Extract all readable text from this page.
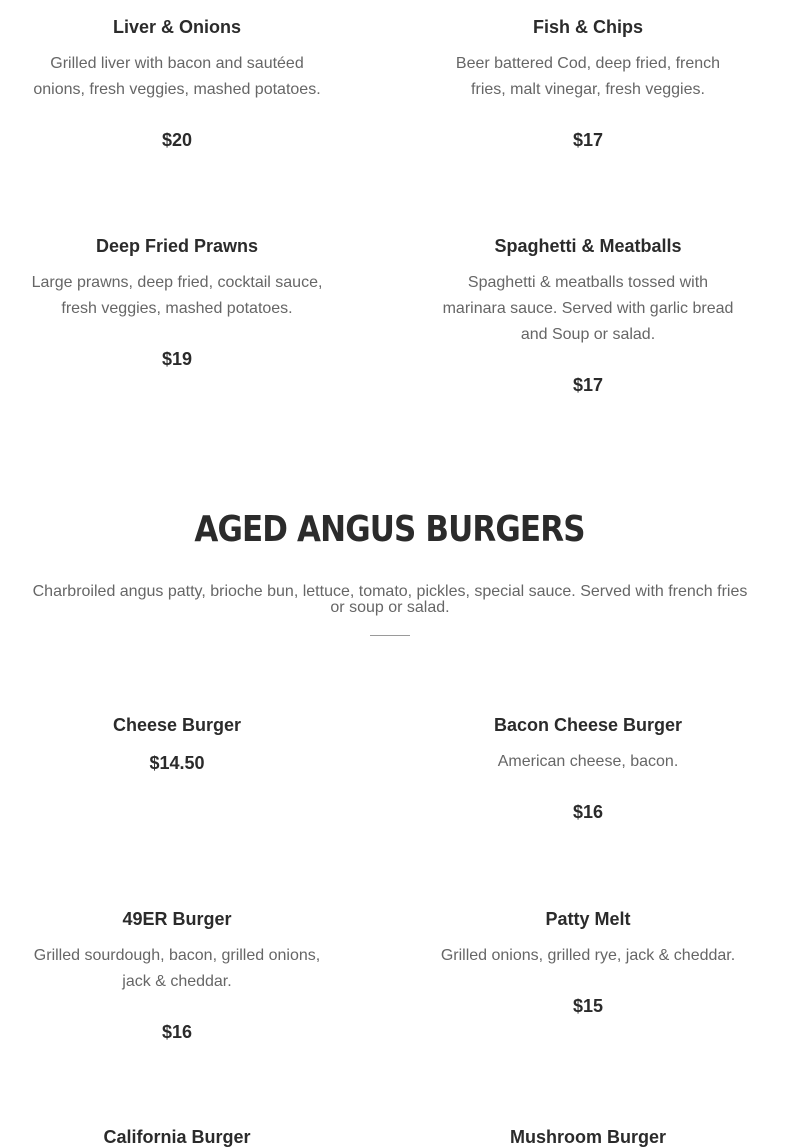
Liver & Onions

Grilled liver with bacon and sautéed onions, fresh veggies, mashed potatoes.

$20

Fish & Chips

Beer battered Cod, deep fried, french fries, malt vinegar, fresh veggies.

$17

Deep Fried Prawns

Large prawns, deep fried, cocktail sauce, fresh veggies, mashed potatoes.

$19

Spaghetti & Meatballs

Spaghetti & meatballs tossed with marinara sauce. Served with garlic bread and Soup or salad.

$17

AGED ANGUS BURGERS

Charbroiled angus patty, brioche bun, lettuce, tomato, pickles, special sauce. Served with french fries or soup or salad.

Cheese Burger

$14.50

Bacon Cheese Burger

American cheese, bacon.

$16

49ER Burger

Grilled sourdough, bacon, grilled onions, jack & cheddar.

$16

Patty Melt

Grilled onions, grilled rye, jack & cheddar.

$15

California Burger	Mushroom Burger
